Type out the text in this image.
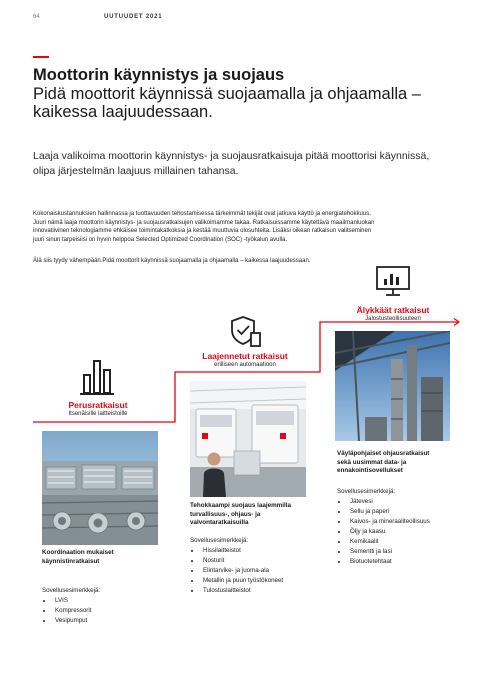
64	UUTUUDET 2021
Moottorin käynnistys ja suojaus
Pidä moottorit käynnissä suojaamalla ja ohjaamalla –
kaikessa laajuudessaan.
Laaja valikoima moottorin käynnistys- ja suojausratkaisuja pitää moottorisi käynnissä,
olipa järjestelmän laajuus millainen tahansa.
Kokonaiskustannuksien hallinnassa ja tuottavuuden tehostamisessa tärkeimmät tekijät ovat jatkuva käyttö ja energiatehokkuus.
Juuri nämä laaja moottorin käynnistys- ja suojausratkaisujen valikoimamme takaa. Ratkaisuissamme käytettävä maailmanluokan
innovatiivinen teknologiamme ehkäisee toimintakatkoksia ja kestää muuttuvia olosuhteita. Lisäksi oikean ratkaisun valitseminen
juuri sinun tarpeisiisi on hyvin helppoa Selected Optimized Coordination (SOC) -työkalun avulla.
Älä siis tyydy vähempään.Pidä moottorit käynnissä suojaamalla ja ohjaamalla – kaikessa laajuudessaan.
Perusratkaisut
Itsenäisille laitteistoille
Koordinaation mukaiset
käynnistinratkaisut
Sovellusesimerkkejä:
LVIS
Kompressorit
Vesipumput
Laajennetut ratkaisut
erilliseen automaatioon
Tehokkaampi suojaus laajemmilla
turvallisuus-, ohjaus- ja
valvontaratkaisuilla
Sovellusesimerkkejä:
Hissilaitteistot
Nosturit
Elintarvike- ja juoma-ala
Metallin ja puun työstökoneet
Tulostuslaitteistot
Älykkäät ratkaisut
Jalostusteollisuuteen
Väyläpohjaiset ohjausratkaisut
sekä uusimmat data- ja
ennakointisovellukset
Sovellusesimerkkejä:
Jätevesi
Sellu ja paperi
Kaivos- ja mineraaliteollisuus
Öljy ja kaasu
Kemikaalit
Sementti ja lasi
Biotuotetehtaat
